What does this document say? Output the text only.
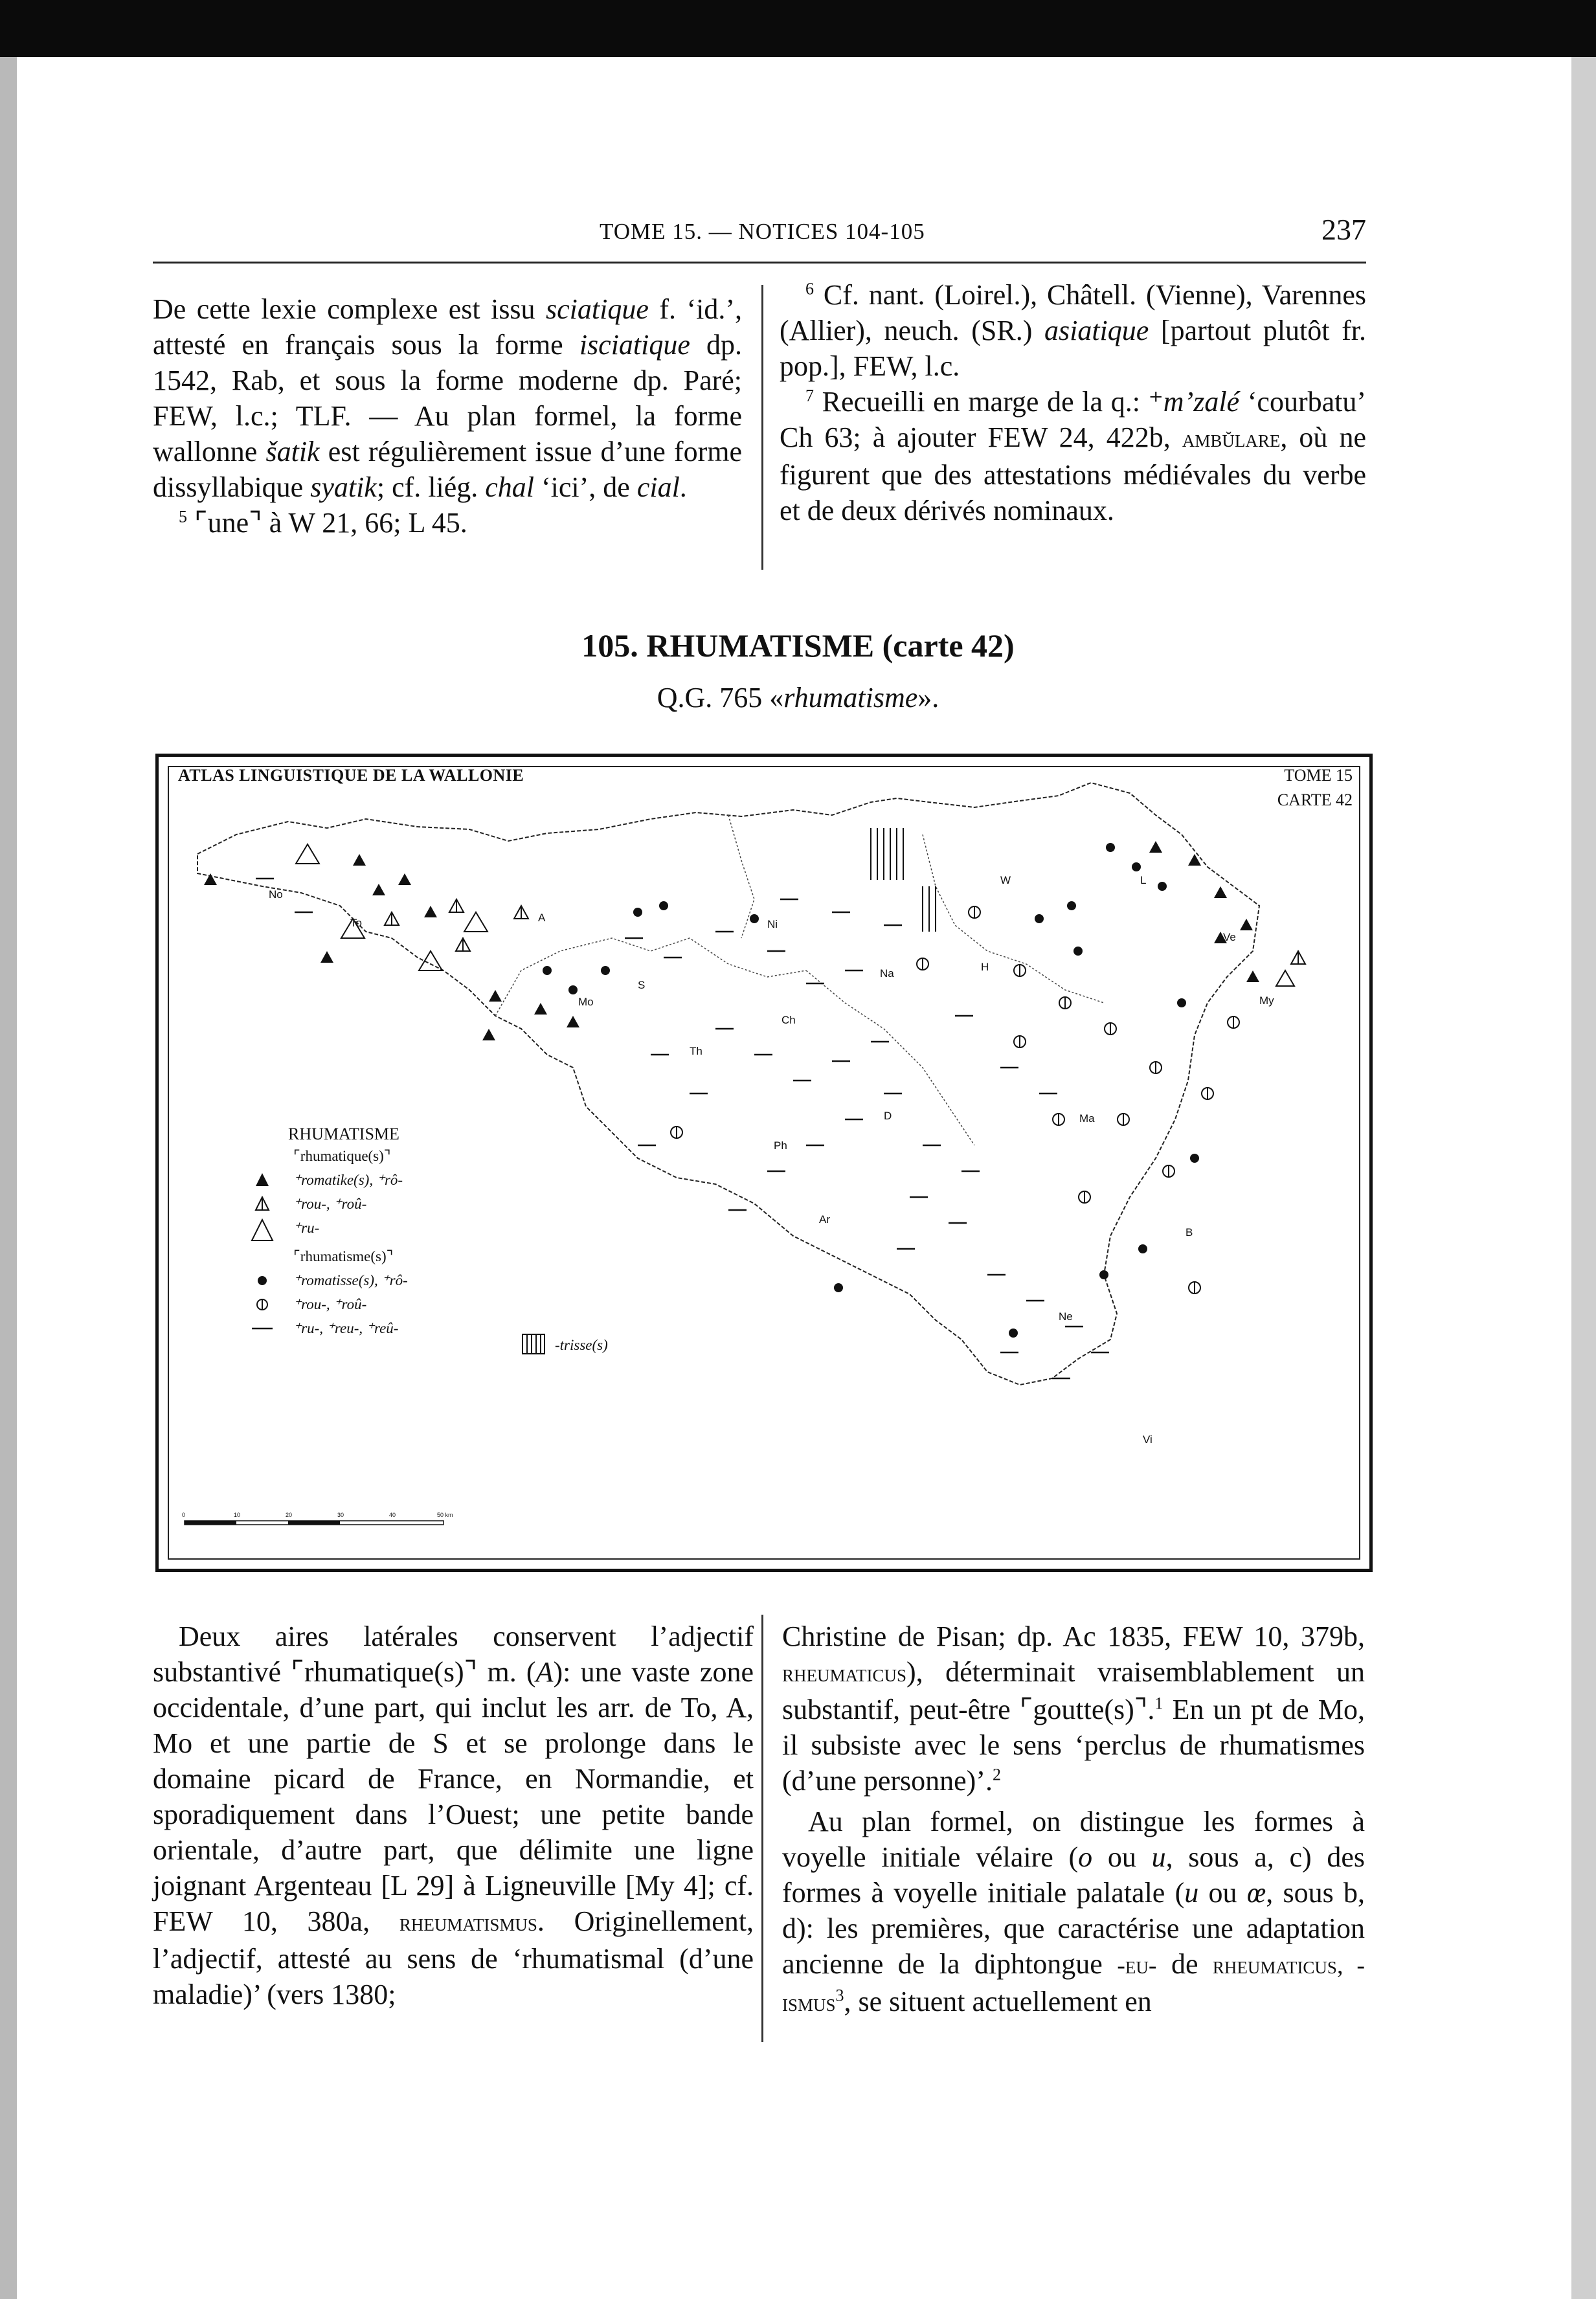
TOME 15. — NOTICES 104-105	237

De cette lexie complexe est issu sciatique f. ‘id.’, attesté en français sous la forme isciatique dp. 1542, Rab, et sous la forme moderne dp. Paré; FEW, l.c.; TLF. — Au plan formel, la forme wallonne šatik est régulièrement issue d’une forme dissyllabique syatik; cf. liég. chal ‘ici’, de cial.

$^5$ ⌜une⌝ à W 21, 66; L 45.

$^6$ Cf. nant. (Loirel.), Châtell. (Vienne), Varennes (Allier), neuch. (SR.) asiatique [partout plutôt fr. pop.], FEW, l.c.

$^7$ Recueilli en marge de la q.: ⁺m’zalé ‘courbatu’ Ch 63; à ajouter FEW 24, 422b, ambŭlare, où ne figurent que des attestations médiévales du verbe et de deux dérivés nominaux.

105. RHUMATISME (carte 42)
Q.G. 765 «rhumatisme».
ATLAS LINGUISTIQUE DE LA WALLONIE	TOME 15
CARTE 42
No
To	A
S
Mo
Ni
Ch
Na
Th
Ph
D
Ar
H
Ma
W	L
Ve
My
B
Ne
Vi
0	10	20	30	40	50 km
RHUMATISME
⌜rhumatique(s)⌝
⁺romatike(s), ⁺rô-
⁺rou-, ⁺roû-
⁺ru-
⌜rhumatisme(s)⌝
⁺romatisse(s), ⁺rô-
⁺rou-, ⁺roû-
⁺ru-, ⁺reu-, ⁺reû-
-trisse(s)

Deux aires latérales conservent l’adjectif substantivé ⌜rhumatique(s)⌝ m. (A): une vaste zone occidentale, d’une part, qui inclut les arr. de To, A, Mo et une partie de S et se prolonge dans le domaine picard de France, en Normandie, et sporadiquement dans l’Ouest; une petite bande orientale, d’autre part, que délimite une ligne joignant Argenteau [L 29] à Ligneuville [My 4]; cf. FEW 10, 380a, rheumatismus. Originellement, l’adjectif, attesté au sens de ‘rhumatismal (d’une maladie)’ (vers 1380;

Christine de Pisan; dp. Ac 1835, FEW 10, 379b, rheumaticus), déterminait vraisemblablement un substantif, peut-être ⌜goutte(s)⌝.$^1$ En un pt de Mo, il subsiste avec le sens ‘perclus de rhumatismes (d’une personne)’.$^2$

Au plan formel, on distingue les formes à voyelle initiale vélaire (o ou u, sous a, c) des formes à voyelle initiale palatale (u ou œ, sous b, d): les premières, que caractérise une adaptation ancienne de la diphtongue -eu- de rheumaticus, -ismus$^3$, se situent actuellement en
